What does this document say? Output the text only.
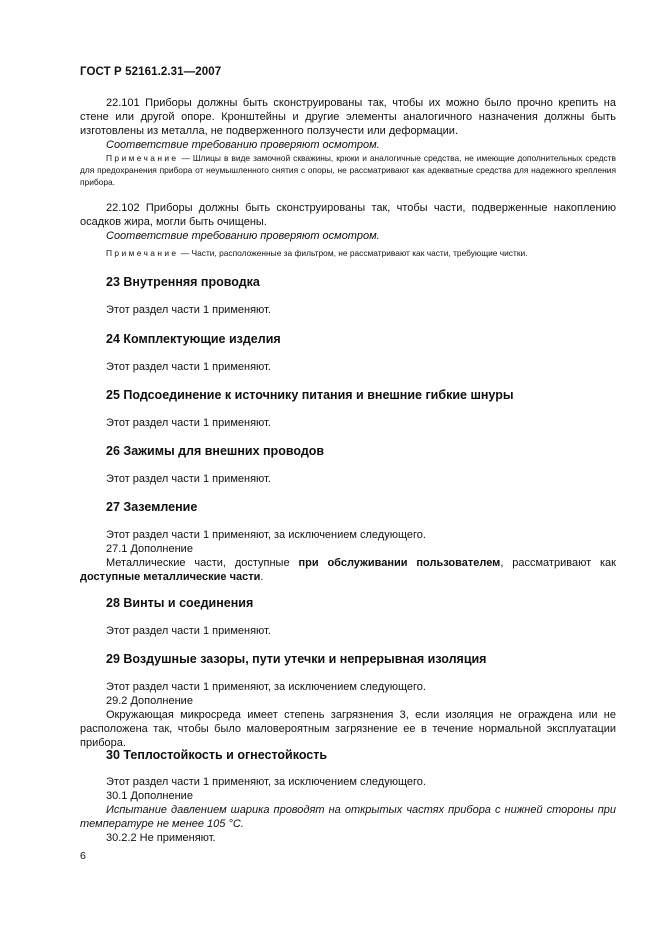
ГОСТ Р 52161.2.31—2007

22.101 Приборы должны быть сконструированы так, чтобы их можно было прочно крепить на стене или другой опоре. Кронштейны и другие элементы аналогичного назначения должны быть изготовлены из металла, не подверженного ползучести или деформации.

Соответствие требованию проверяют осмотром.

Примечание — Шлицы в виде замочной скважины, крюки и аналогичные средства, не имеющие дополнительных средств для предохранения прибора от неумышленного снятия с опоры, не рассматривают как адекватные средства для надежного крепления прибора.

22.102 Приборы должны быть сконструированы так, чтобы части, подверженные накоплению осадков жира, могли быть очищены.

Соответствие требованию проверяют осмотром.

Примечание — Части, расположенные за фильтром, не рассматривают как части, требующие чистки.

23 Внутренняя проводка

Этот раздел части 1 применяют.

24 Комплектующие изделия

Этот раздел части 1 применяют.

25 Подсоединение к источнику питания и внешние гибкие шнуры

Этот раздел части 1 применяют.

26 Зажимы для внешних проводов

Этот раздел части 1 применяют.

27 Заземление

Этот раздел части 1 применяют, за исключением следующего.

27.1 Дополнение

Металлические части, доступные при обслуживании пользователем, рассматривают как доступные металлические части.

28 Винты и соединения

Этот раздел части 1 применяют.

29 Воздушные зазоры, пути утечки и непрерывная изоляция

Этот раздел части 1 применяют, за исключением следующего.

29.2 Дополнение

Окружающая микросреда имеет степень загрязнения 3, если изоляция не ограждена или не расположена так, чтобы было маловероятным загрязнение ее в течение нормальной эксплуатации прибора.

30 Теплостойкость и огнестойкость

Этот раздел части 1 применяют, за исключением следующего.

30.1 Дополнение

Испытание давлением шарика проводят на открытых частях прибора с нижней стороны при температуре не менее 105 °С.

30.2.2 Не применяют.

6
